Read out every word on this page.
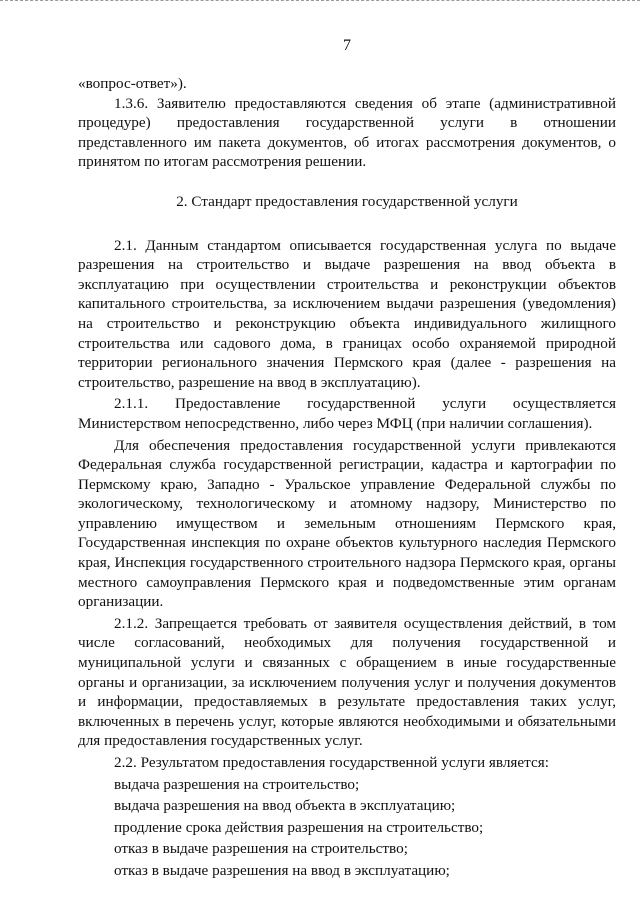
7

«вопрос-ответ»).

1.3.6. Заявителю предоставляются сведения об этапе (административной процедуре) предоставления государственной услуги в отношении представленного им пакета документов, об итогах рассмотрения документов, о принятом по итогам рассмотрения решении.

2. Стандарт предоставления государственной услуги

2.1. Данным стандартом описывается государственная услуга по выдаче разрешения на строительство и выдаче разрешения на ввод объекта в эксплуатацию при осуществлении строительства и реконструкции объектов капитального строительства, за исключением выдачи разрешения (уведомления) на строительство и реконструкцию объекта индивидуального жилищного строительства или садового дома, в границах особо охраняемой природной территории регионального значения Пермского края (далее - разрешения на строительство, разрешение на ввод в эксплуатацию).

2.1.1. Предоставление государственной услуги осуществляется Министерством непосредственно, либо через МФЦ (при наличии соглашения).

Для обеспечения предоставления государственной услуги привлекаются Федеральная служба государственной регистрации, кадастра и картографии по Пермскому краю, Западно - Уральское управление Федеральной службы по экологическому, технологическому и атомному надзору, Министерство по управлению имуществом и земельным отношениям Пермского края, Государственная инспекция по охране объектов культурного наследия Пермского края, Инспекция государственного строительного надзора Пермского края, органы местного самоуправления Пермского края и подведомственные этим органам организации.

2.1.2. Запрещается требовать от заявителя осуществления действий, в том числе согласований, необходимых для получения государственной и муниципальной услуги и связанных с обращением в иные государственные органы и организации, за исключением получения услуг и получения документов и информации, предоставляемых в результате предоставления таких услуг, включенных в перечень услуг, которые являются необходимыми и обязательными для предоставления государственных услуг.

2.2. Результатом предоставления государственной услуги является:

выдача разрешения на строительство;

выдача разрешения на ввод объекта в эксплуатацию;

продление срока действия разрешения на строительство;

отказ в выдаче разрешения на строительство;

отказ в выдаче разрешения на ввод в эксплуатацию;
